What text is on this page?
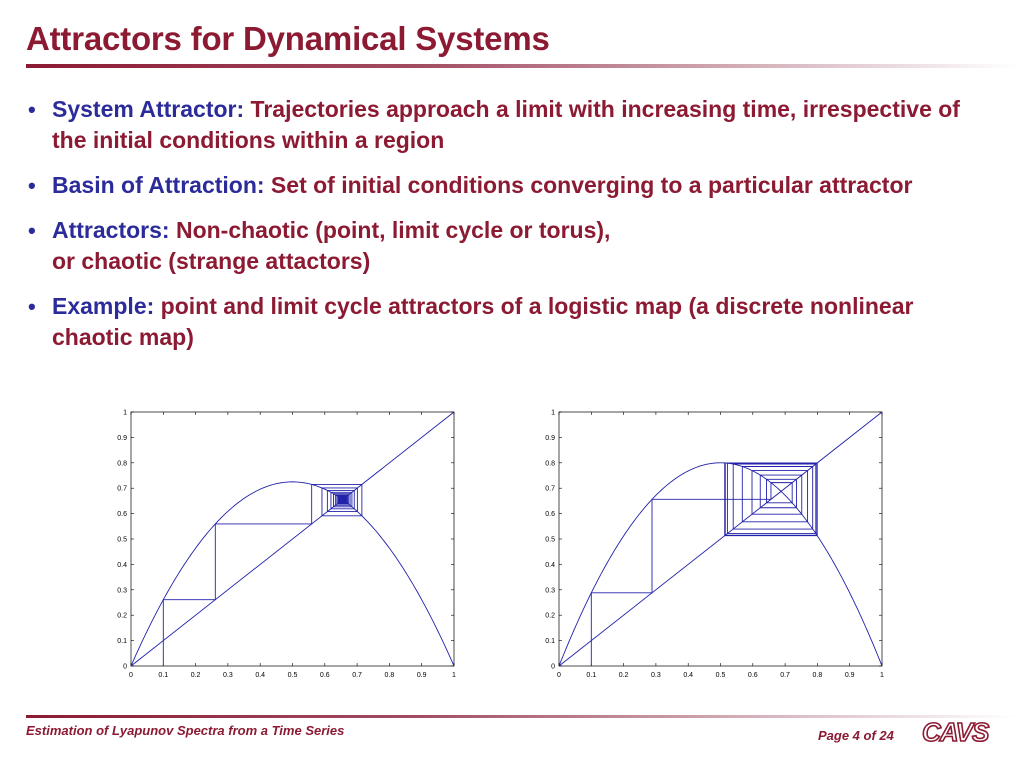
Attractors for Dynamical Systems
• System Attractor: Trajectories approach a limit with increasing time, irrespective of the initial conditions within a region
• Basin of Attraction: Set of initial conditions converging to a particular attractor
• Attractors: Non-chaotic (point, limit cycle or torus),
or chaotic (strange attactors)
• Example: point and limit cycle attractors of a logistic map (a discrete nonlinear chaotic map)
0	0.1	0.2	0.3	0.4	0.5	0.6	0.7	0.8	0.9	1
0
0.1
0.2
0.3
0.4
0.5
0.6
0.7
0.8
0.9
1
0	0.1	0.2	0.3	0.4	0.5	0.6	0.7	0.8	0.9	1
0
0.1
0.2
0.3
0.4
0.5
0.6
0.7
0.8
0.9
1
Estimation of Lyapunov Spectra from a Time Series	Page 4 of 24 CAVS
